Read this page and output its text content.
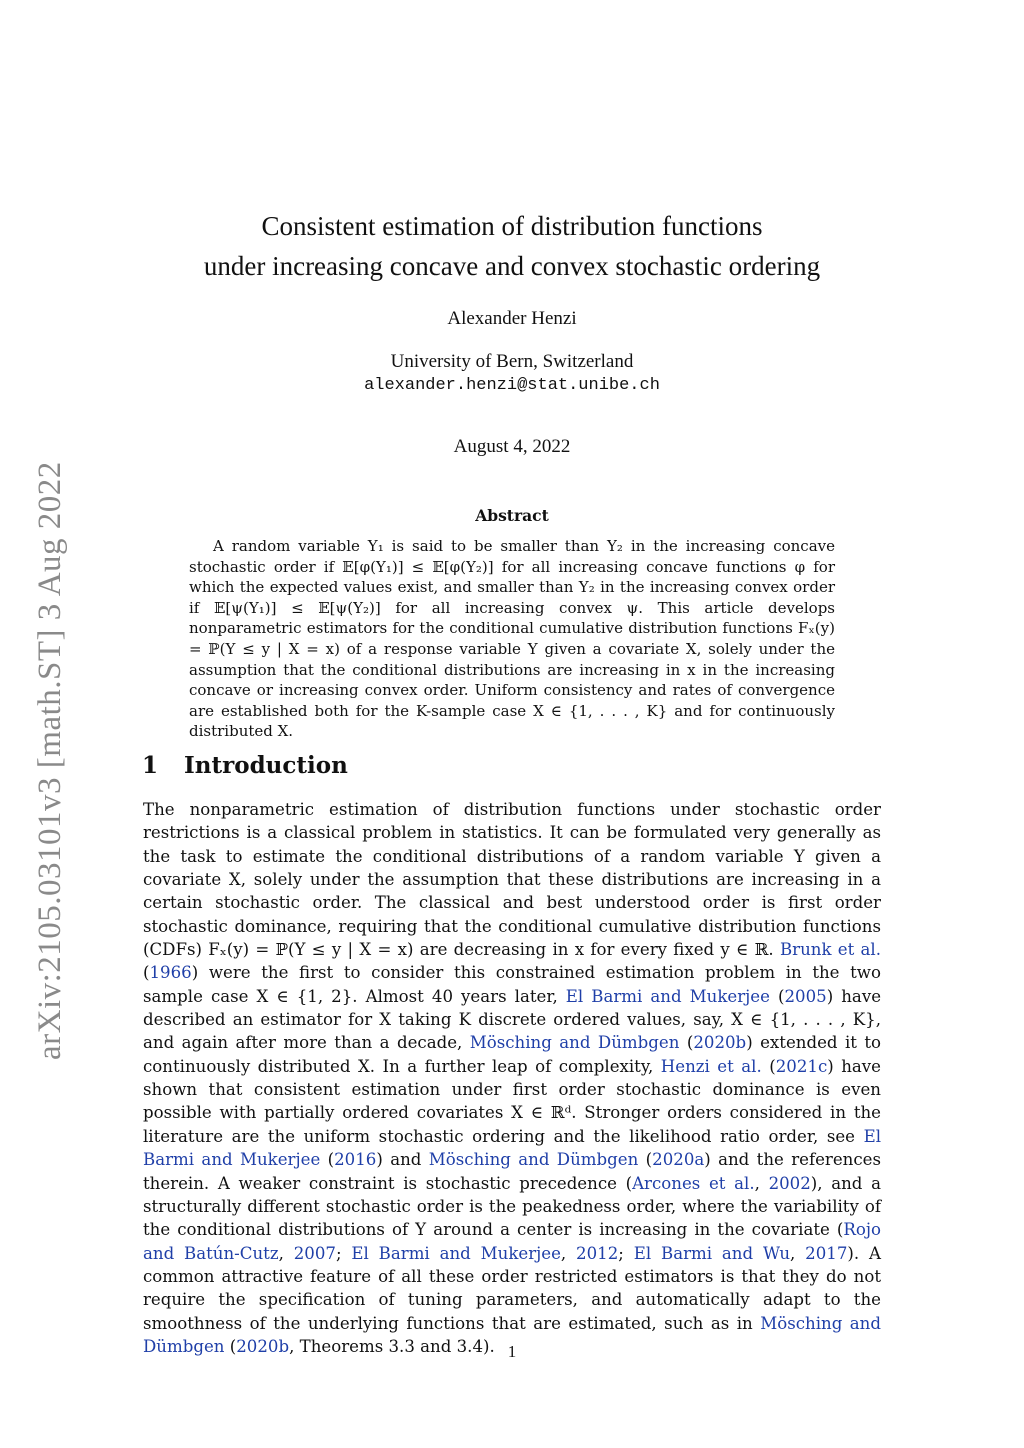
arXiv:2105.03101v3 [math.ST] 3 Aug 2022
Consistent estimation of distribution functions
under increasing concave and convex stochastic ordering
Alexander Henzi
University of Bern, Switzerland
alexander.henzi@stat.unibe.ch
August 4, 2022
Abstract
A random variable Y₁ is said to be smaller than Y₂ in the increasing concave stochastic order if 𝔼[φ(Y₁)] ≤ 𝔼[φ(Y₂)] for all increasing concave functions φ for which the expected values exist, and smaller than Y₂ in the increasing convex order if 𝔼[ψ(Y₁)] ≤ 𝔼[ψ(Y₂)] for all increasing convex ψ. This article develops nonparametric estimators for the conditional cumulative distribution functions Fₓ(y) = ℙ(Y ≤ y | X = x) of a response variable Y given a covariate X, solely under the assumption that the conditional distributions are increasing in x in the increasing concave or increasing convex order. Uniform consistency and rates of convergence are established both for the K-sample case X ∈ {1, . . . , K} and for continuously distributed X.
1 Introduction
The nonparametric estimation of distribution functions under stochastic order restrictions is a classical problem in statistics. It can be formulated very generally as the task to estimate the conditional distributions of a random variable Y given a covariate X, solely under the assumption that these distributions are increasing in a certain stochastic order. The classical and best understood order is first order stochastic dominance, requiring that the conditional cumulative distribution functions (CDFs) Fₓ(y) = ℙ(Y ≤ y | X = x) are decreasing in x for every fixed y ∈ ℝ. Brunk et al. (1966) were the first to consider this constrained estimation problem in the two sample case X ∈ {1, 2}. Almost 40 years later, El Barmi and Mukerjee (2005) have described an estimator for X taking K discrete ordered values, say, X ∈ {1, . . . , K}, and again after more than a decade, Mösching and Dümbgen (2020b) extended it to continuously distributed X. In a further leap of complexity, Henzi et al. (2021c) have shown that consistent estimation under first order stochastic dominance is even possible with partially ordered covariates X ∈ ℝᵈ. Stronger orders considered in the literature are the uniform stochastic ordering and the likelihood ratio order, see El Barmi and Mukerjee (2016) and Mösching and Dümbgen (2020a) and the references therein. A weaker constraint is stochastic precedence (Arcones et al., 2002), and a structurally different stochastic order is the peakedness order, where the variability of the conditional distributions of Y around a center is increasing in the covariate (Rojo and Batún-Cutz, 2007; El Barmi and Mukerjee, 2012; El Barmi and Wu, 2017). A common attractive feature of all these order restricted estimators is that they do not require the specification of tuning parameters, and automatically adapt to the smoothness of the underlying functions that are estimated, such as in Mösching and Dümbgen (2020b, Theorems 3.3 and 3.4). 1
